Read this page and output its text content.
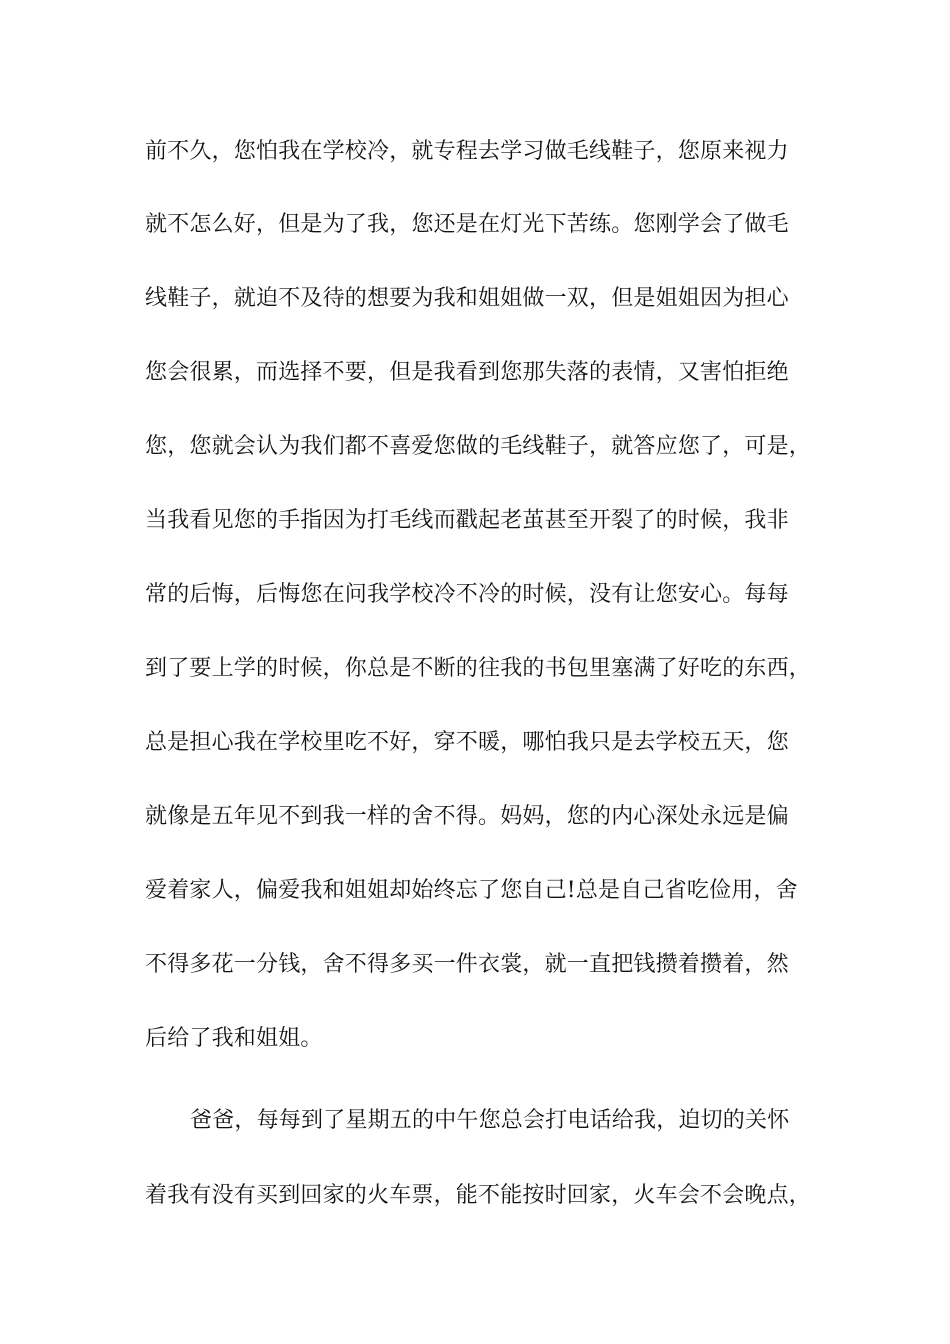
前不久，您怕我在学校冷，就专程去学习做毛线鞋子，您原来视力
就不怎么好，但是为了我，您还是在灯光下苦练。您刚学会了做毛
线鞋子，就迫不及待的想要为我和姐姐做一双，但是姐姐因为担心
您会很累，而选择不要，但是我看到您那失落的表情，又害怕拒绝
您，您就会认为我们都不喜爱您做的毛线鞋子，就答应您了，可是，
当我看见您的手指因为打毛线而戳起老茧甚至开裂了的时候，我非
常的后悔，后悔您在问我学校冷不冷的时候，没有让您安心。每每
到了要上学的时候，你总是不断的往我的书包里塞满了好吃的东西，
总是担心我在学校里吃不好，穿不暖，哪怕我只是去学校五天，您
就像是五年见不到我一样的舍不得。妈妈，您的内心深处永远是偏
爱着家人，偏爱我和姐姐却始终忘了您自己!总是自己省吃俭用，舍
不得多花一分钱，舍不得多买一件衣裳，就一直把钱攒着攒着，然
后给了我和姐姐。
爸爸，每每到了星期五的中午您总会打电话给我，迫切的关怀
着我有没有买到回家的火车票，能不能按时回家，火车会不会晚点，
